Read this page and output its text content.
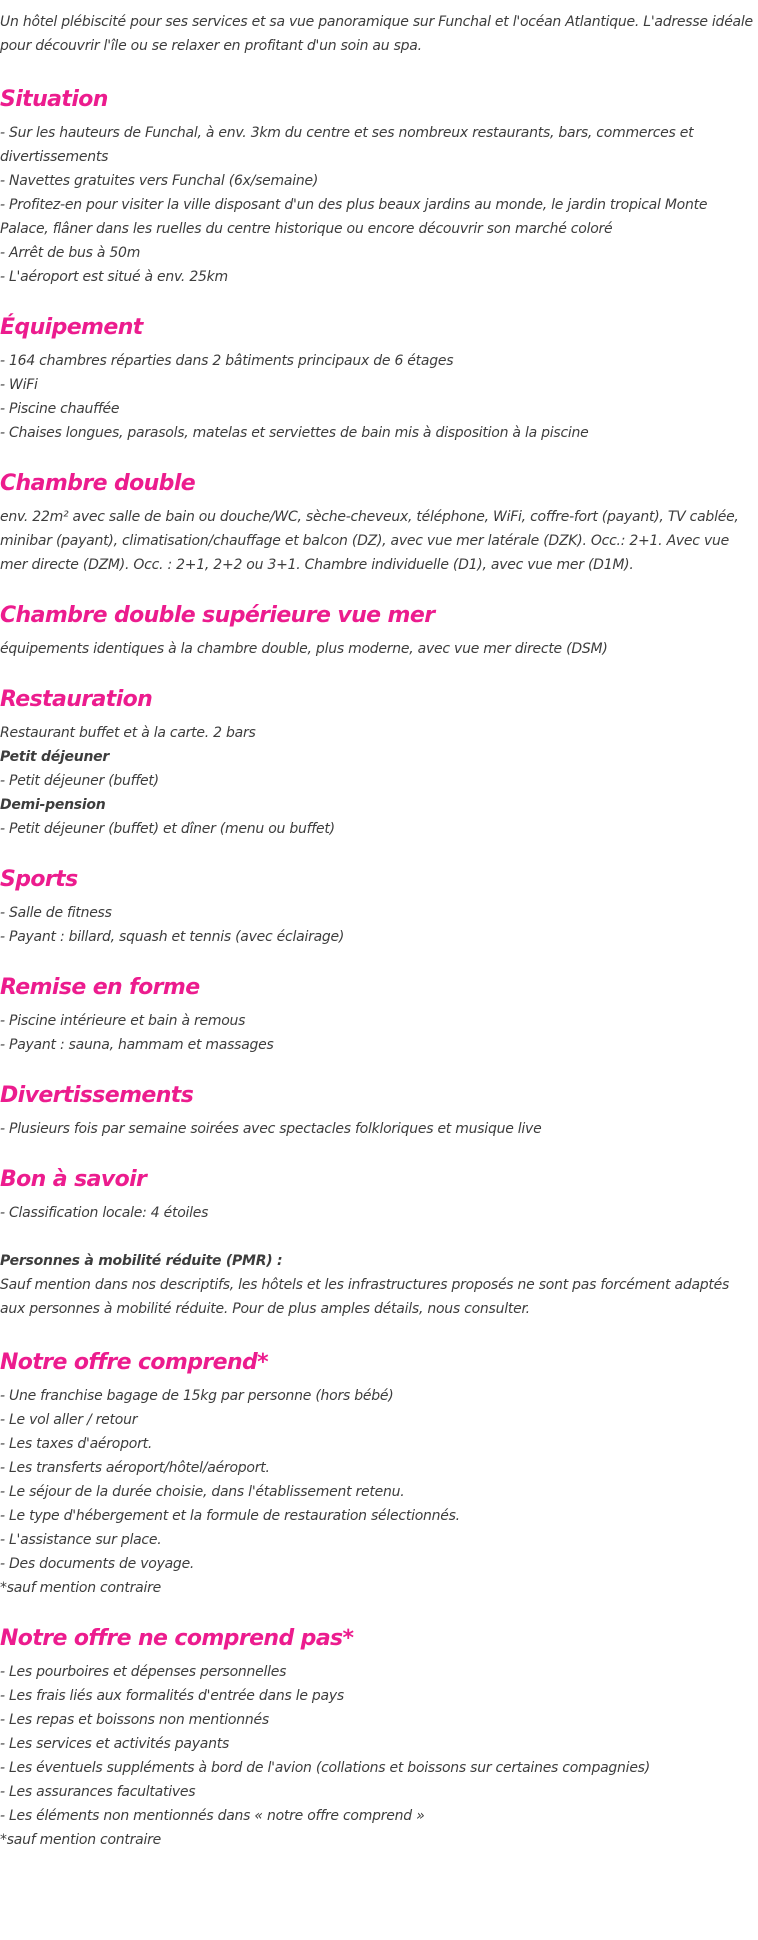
Un hôtel plébiscité pour ses services et sa vue panoramique sur Funchal et l'océan Atlantique. L'adresse idéale pour découvrir l'île ou se relaxer en profitant d'un soin au spa.

Situation
- Sur les hauteurs de Funchal, à env. 3km du centre et ses nombreux restaurants, bars, commerces et divertissements
- Navettes gratuites vers Funchal (6x/semaine)
- Profitez-en pour visiter la ville disposant d'un des plus beaux jardins au monde, le jardin tropical Monte Palace, flâner dans les ruelles du centre historique ou encore découvrir son marché coloré
- Arrêt de bus à 50m
- L'aéroport est situé à env. 25km
Équipement
- 164 chambres réparties dans 2 bâtiments principaux de 6 étages
- WiFi
- Piscine chauffée
- Chaises longues, parasols, matelas et serviettes de bain mis à disposition à la piscine
Chambre double

env. 22m² avec salle de bain ou douche/WC, sèche-cheveux, téléphone, WiFi, coffre-fort (payant), TV cablée, minibar (payant), climatisation/chauffage et balcon (DZ), avec vue mer latérale (DZK). Occ.: 2+1. Avec vue mer directe (DZM). Occ. : 2+1, 2+2 ou 3+1. Chambre individuelle (D1), avec vue mer (D1M).

Chambre double supérieure vue mer

équipements identiques à la chambre double, plus moderne, avec vue mer directe (DSM)

Restauration
Restaurant buffet et à la carte. 2 bars
Petit déjeuner
- Petit déjeuner (buffet)
Demi-pension
- Petit déjeuner (buffet) et dîner (menu ou buffet)
Sports
- Salle de fitness
- Payant : billard, squash et tennis (avec éclairage)
Remise en forme
- Piscine intérieure et bain à remous
- Payant : sauna, hammam et massages
Divertissements
- Plusieurs fois par semaine soirées avec spectacles folkloriques et musique live
Bon à savoir
- Classification locale: 4 étoiles
Personnes à mobilité réduite (PMR) :

Sauf mention dans nos descriptifs, les hôtels et les infrastructures proposés ne sont pas forcément adaptés aux personnes à mobilité réduite. Pour de plus amples détails, nous consulter.

Notre offre comprend*
- Une franchise bagage de 15kg par personne (hors bébé)
- Le vol aller / retour
- Les taxes d'aéroport.
- Les transferts aéroport/hôtel/aéroport.
- Le séjour de la durée choisie, dans l'établissement retenu.
- Le type d'hébergement et la formule de restauration sélectionnés.
- L'assistance sur place.
- Des documents de voyage.
*sauf mention contraire
Notre offre ne comprend pas*
- Les pourboires et dépenses personnelles
- Les frais liés aux formalités d'entrée dans le pays
- Les repas et boissons non mentionnés
- Les services et activités payants
- Les éventuels suppléments à bord de l'avion (collations et boissons sur certaines compagnies)
- Les assurances facultatives
- Les éléments non mentionnés dans « notre offre comprend »
*sauf mention contraire
